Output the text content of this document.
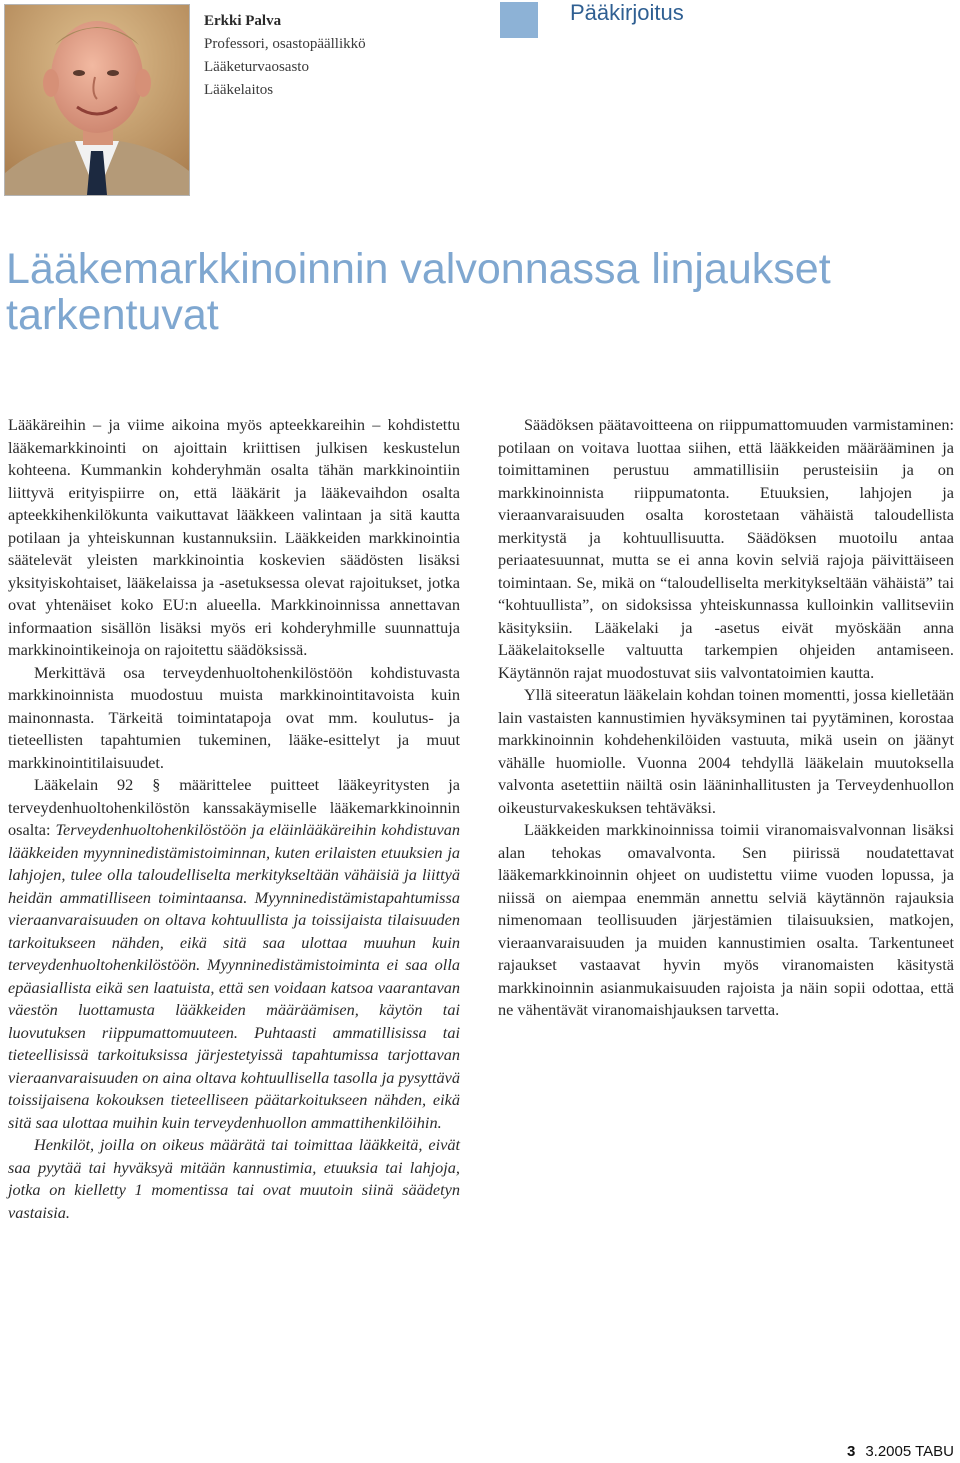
Erkki Palva
Professori, osastopäällikkö
Lääketurvaosasto
Lääkelaitos
Pääkirjoitus
Lääkemarkkinoinnin valvonnassa linjaukset tarkentuvat

Lääkäreihin – ja viime aikoina myös apteekkareihin – kohdistettu lääkemarkkinointi on ajoittain kriittisen julkisen keskustelun kohteena. Kummankin kohderyhmän osalta tähän markkinointiin liittyvä erityispiirre on, että lääkärit ja lääkevaihdon osalta apteekkihenkilökunta vaikuttavat lääkkeen valintaan ja sitä kautta potilaan ja yhteiskunnan kustannuksiin. Lääkkeiden markkinointia säätelevät yleisten markkinointia koskevien säädösten lisäksi yksityiskohtaiset, lääkelaissa ja -asetuksessa olevat rajoitukset, jotka ovat yhtenäiset koko EU:n alueella. Markkinoinnissa annettavan informaation sisällön lisäksi myös eri kohderyhmille suunnattuja markkinointikeinoja on rajoitettu säädöksissä.

Merkittävä osa terveydenhuoltohenkilöstöön kohdistuvasta markkinoinnista muodostuu muista markkinointitavoista kuin mainonnasta. Tärkeitä toimintatapoja ovat mm. koulutus- ja tieteellisten tapahtumien tukeminen, lääke-esittelyt ja muut markkinointitilaisuudet.

Lääkelain 92 § määrittelee puitteet lääkeyritysten ja terveydenhuoltohenkilöstön kanssakäymiselle lääkemarkkinoinnin osalta: Terveydenhuoltohenkilöstöön ja eläinlääkäreihin kohdistuvan lääkkeiden myynninedistämistoiminnan, kuten erilaisten etuuksien ja lahjojen, tulee olla taloudelliselta merkitykseltään vähäisiä ja liittyä heidän ammatilliseen toimintaansa. Myynninedistämistapahtumissa vieraanvaraisuuden on oltava kohtuullista ja toissijaista tilaisuuden tarkoitukseen nähden, eikä sitä saa ulottaa muuhun kuin terveydenhuoltohenkilöstöön. Myynninedistämistoiminta ei saa olla epäasiallista eikä sen laatuista, että sen voidaan katsoa vaarantavan väestön luottamusta lääkkeiden määräämisen, käytön tai luovutuksen riippumattomuuteen. Puhtaasti ammatillisissa tai tieteellisissä tarkoituksissa järjestetyissä tapahtumissa tarjottavan vieraanvaraisuuden on aina oltava kohtuullisella tasolla ja pysyttävä toissijaisena kokouksen tieteelliseen päätarkoitukseen nähden, eikä sitä saa ulottaa muihin kuin terveydenhuollon ammattihenkilöihin.

Henkilöt, joilla on oikeus määrätä tai toimittaa lääkkeitä, eivät saa pyytää tai hyväksyä mitään kannustimia, etuuksia tai lahjoja, jotka on kielletty 1 momentissa tai ovat muutoin siinä säädetyn vastaisia.

Säädöksen päätavoitteena on riippumattomuuden varmistaminen: potilaan on voitava luottaa siihen, että lääkkeiden määrääminen ja toimittaminen perustuu ammatillisiin perusteisiin ja on markkinoinnista riippumatonta. Etuuksien, lahjojen ja vieraanvaraisuuden osalta korostetaan vähäistä taloudellista merkitystä ja kohtuullisuutta. Säädöksen muotoilu antaa periaatesuunnat, mutta se ei anna kovin selviä rajoja päivittäiseen toimintaan. Se, mikä on “taloudelliselta merkitykseltään vähäistä” tai “kohtuullista”, on sidoksissa yhteiskunnassa kulloinkin vallitseviin käsityksiin. Lääkelaki ja -asetus eivät myöskään anna Lääkelaitokselle valtuutta tarkempien ohjeiden antamiseen. Käytännön rajat muodostuvat siis valvontatoimien kautta.

Yllä siteeratun lääkelain kohdan toinen momentti, jossa kielletään lain vastaisten kannustimien hyväksyminen tai pyytäminen, korostaa markkinoinnin kohdehenkilöiden vastuuta, mikä usein on jäänyt vähälle huomiolle. Vuonna 2004 tehdyllä lääkelain muutoksella valvonta asetettiin näiltä osin lääninhallitusten ja Terveydenhuollon oikeusturvakeskuksen tehtäväksi.

Lääkkeiden markkinoinnissa toimii viranomaisvalvonnan lisäksi alan tehokas omavalvonta. Sen piirissä noudatettavat lääkemarkkinoinnin ohjeet on uudistettu viime vuoden lopussa, ja niissä on aiempaa enemmän annettu selviä käytännön rajauksia nimenomaan teollisuuden järjestämien tilaisuuksien, matkojen, vieraanvaraisuuden ja muiden kannustimien osalta. Tarkentuneet rajaukset vastaavat hyvin myös viranomaisten käsitystä markkinoinnin asianmukaisuuden rajoista ja näin sopii odottaa, että ne vähentävät viranomaishjauksen tarvetta.

3 3.2005 TABU
